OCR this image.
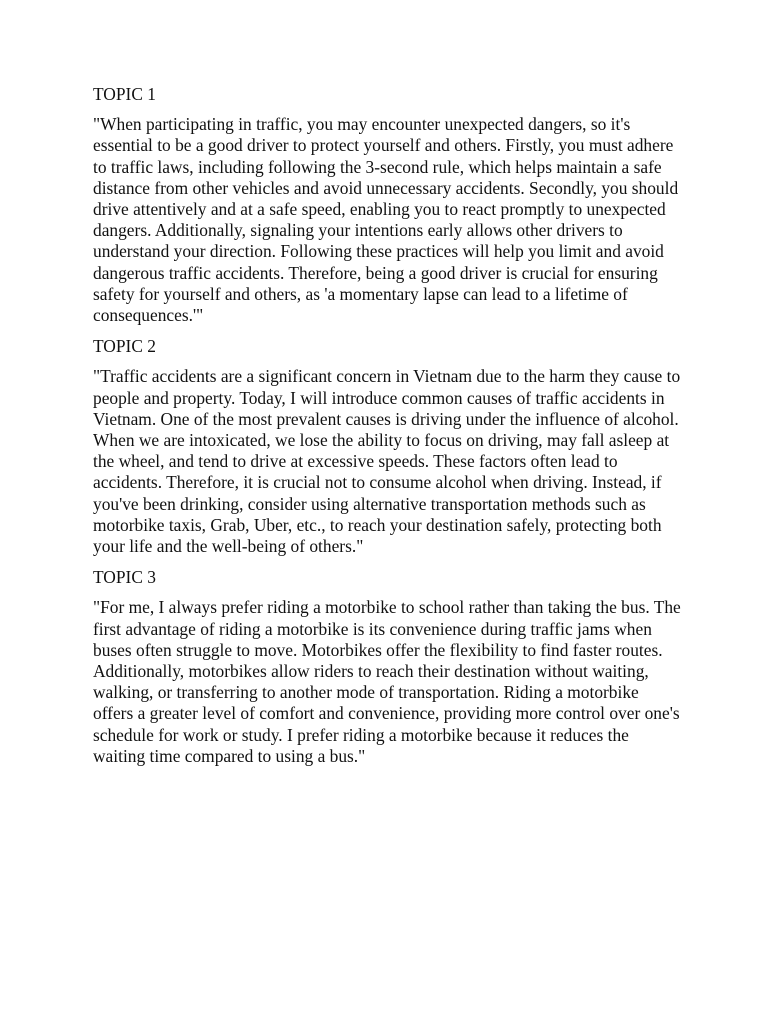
TOPIC 1

"When participating in traffic, you may encounter unexpected dangers, so it's essential to be a good driver to protect yourself and others. Firstly, you must adhere to traffic laws, including following the 3-second rule, which helps maintain a safe distance from other vehicles and avoid unnecessary accidents. Secondly, you should drive attentively and at a safe speed, enabling you to react promptly to unexpected dangers. Additionally, signaling your intentions early allows other drivers to understand your direction. Following these practices will help you limit and avoid dangerous traffic accidents. Therefore, being a good driver is crucial for ensuring safety for yourself and others, as 'a momentary lapse can lead to a lifetime of consequences.'"

TOPIC 2

"Traffic accidents are a significant concern in Vietnam due to the harm they cause to people and property. Today, I will introduce common causes of traffic accidents in Vietnam. One of the most prevalent causes is driving under the influence of alcohol. When we are intoxicated, we lose the ability to focus on driving, may fall asleep at the wheel, and tend to drive at excessive speeds. These factors often lead to accidents. Therefore, it is crucial not to consume alcohol when driving. Instead, if you've been drinking, consider using alternative transportation methods such as motorbike taxis, Grab, Uber, etc., to reach your destination safely, protecting both your life and the well-being of others."

TOPIC 3

"For me, I always prefer riding a motorbike to school rather than taking the bus. The first advantage of riding a motorbike is its convenience during traffic jams when buses often struggle to move. Motorbikes offer the flexibility to find faster routes. Additionally, motorbikes allow riders to reach their destination without waiting, walking, or transferring to another mode of transportation. Riding a motorbike offers a greater level of comfort and convenience, providing more control over one's schedule for work or study. I prefer riding a motorbike because it reduces the waiting time compared to using a bus."
